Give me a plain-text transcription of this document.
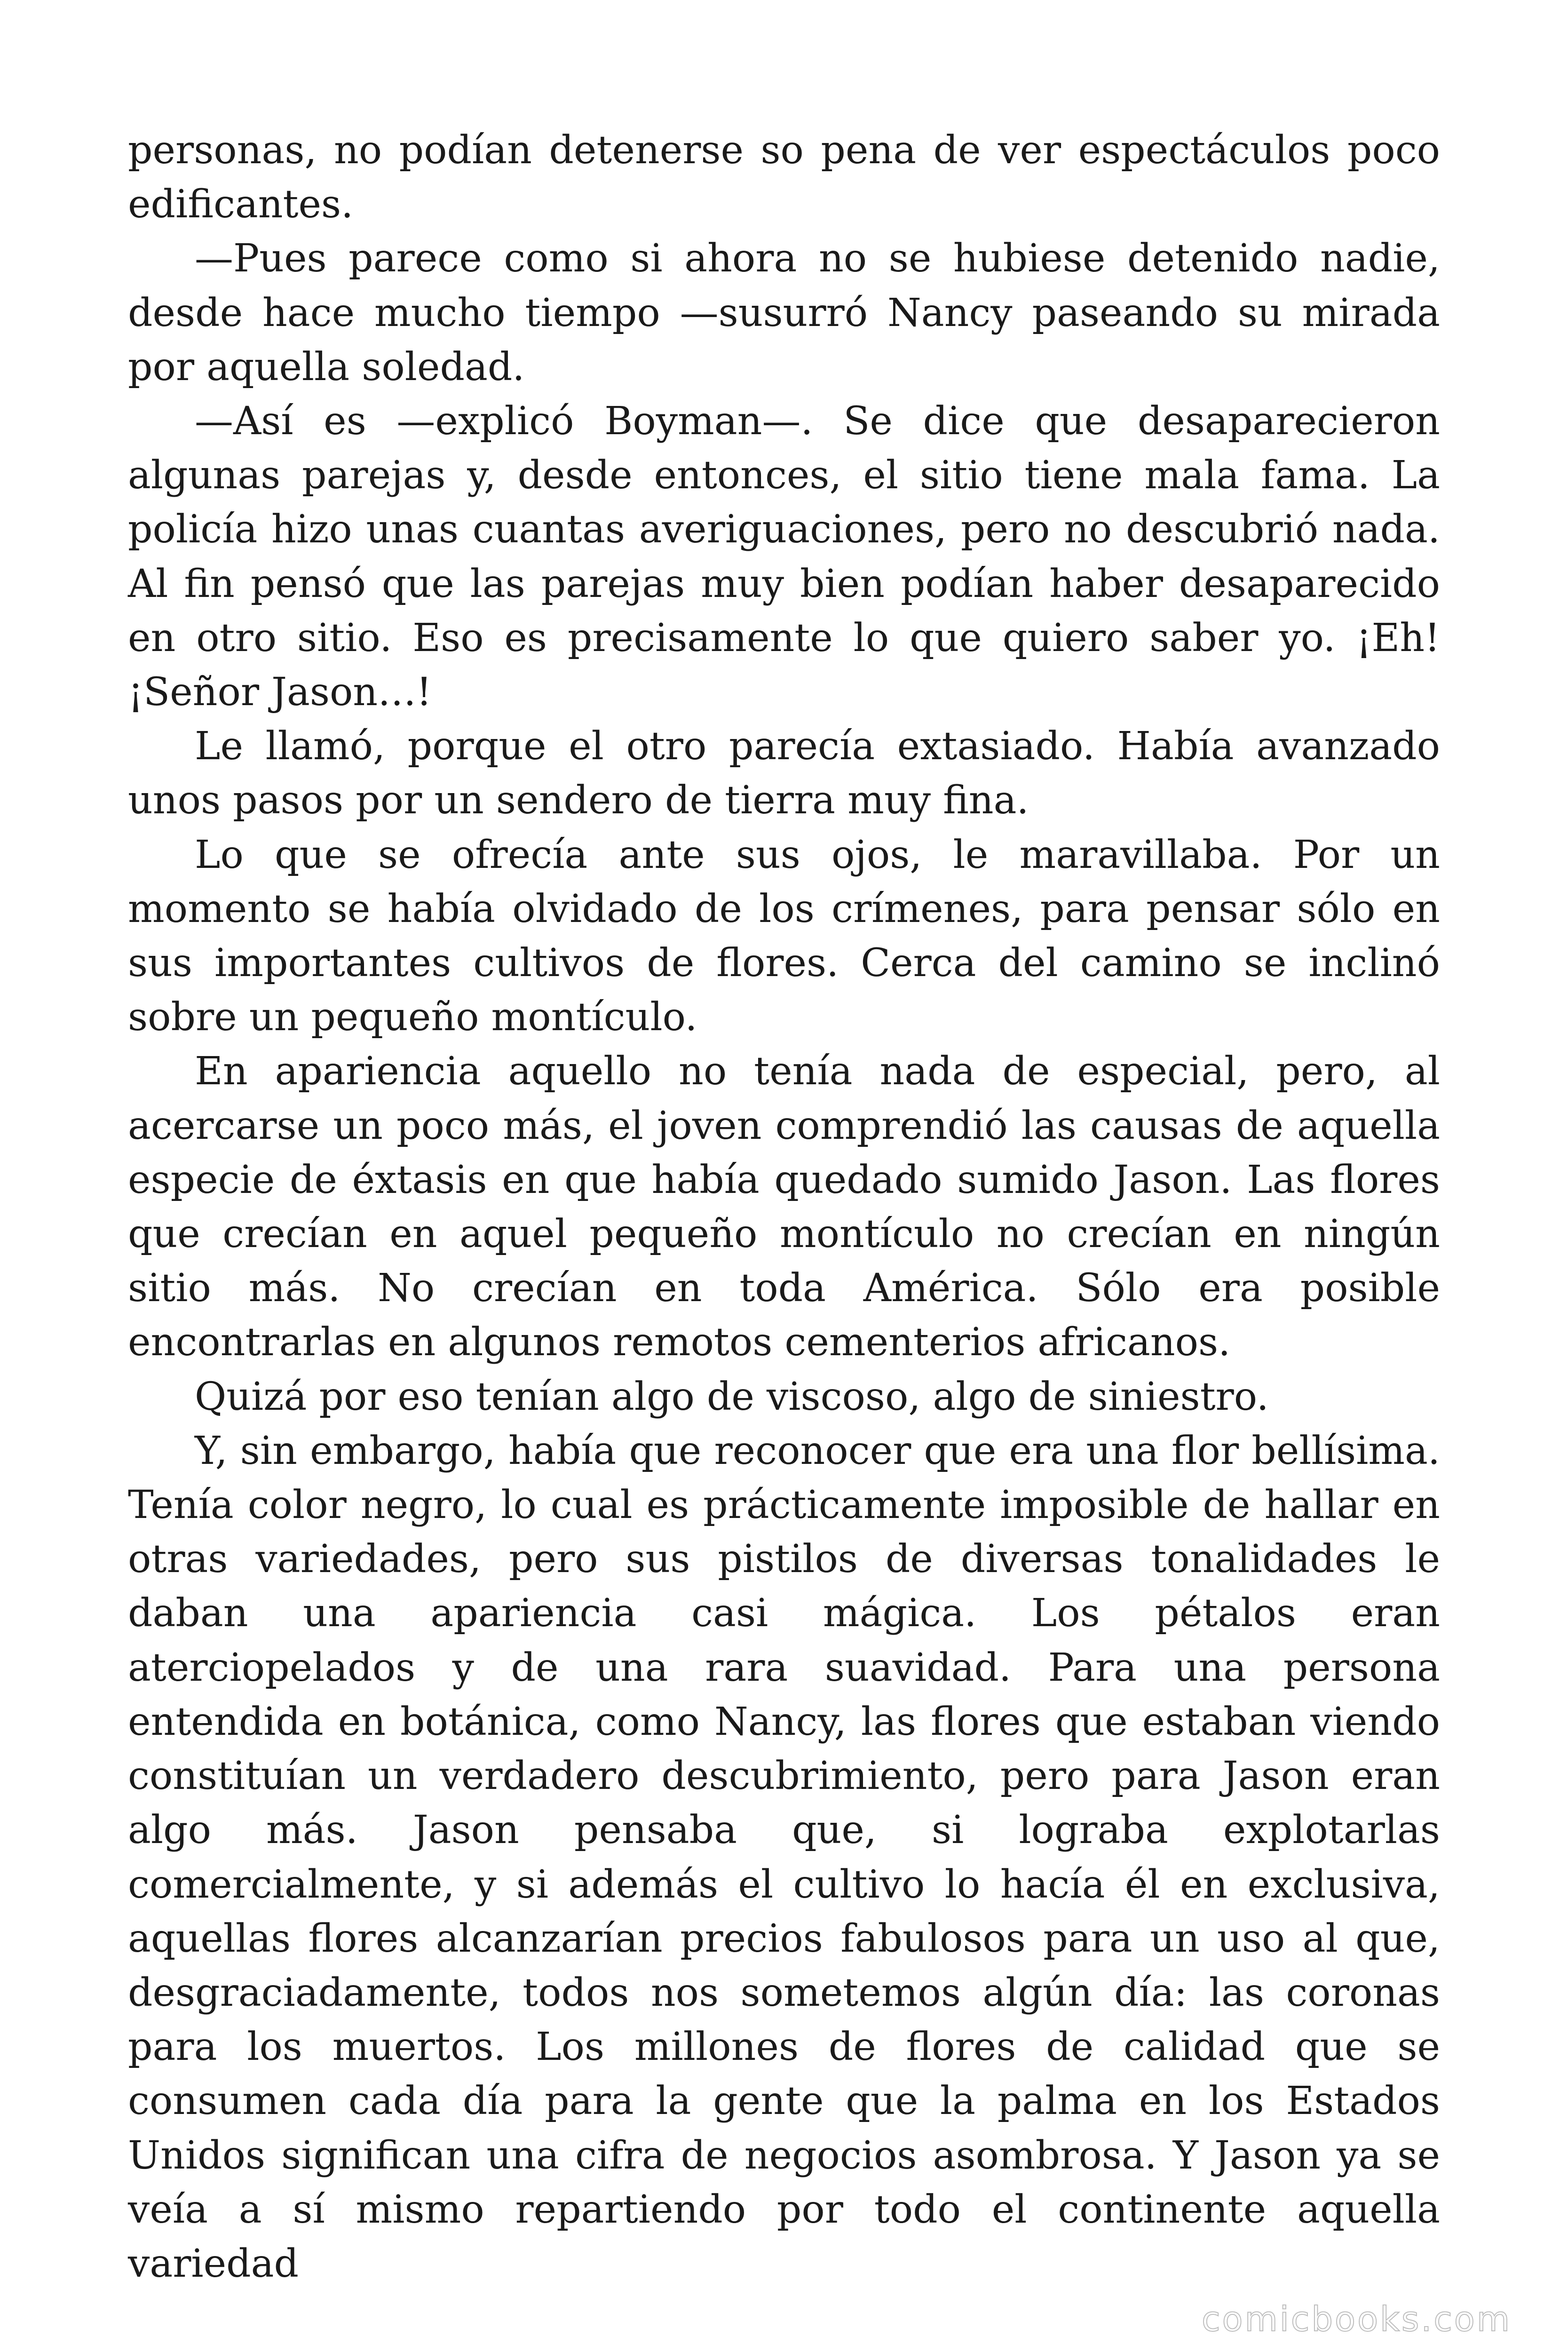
personas, no podían detenerse so pena de ver espectáculos poco edificantes.

—Pues parece como si ahora no se hubiese detenido nadie, desde hace mucho tiempo —susurró Nancy paseando su mirada por aquella soledad.

—Así es —explicó Boyman—. Se dice que desaparecieron algunas parejas y, desde entonces, el sitio tiene mala fama. La policía hizo unas cuantas averiguaciones, pero no descubrió nada. Al fin pensó que las parejas muy bien podían haber desaparecido en otro sitio. Eso es precisamente lo que quiero saber yo. ¡Eh! ¡Señor Jason…!

Le llamó, porque el otro parecía extasiado. Había avanzado unos pasos por un sendero de tierra muy fina.

Lo que se ofrecía ante sus ojos, le maravillaba. Por un momento se había olvidado de los crímenes, para pensar sólo en sus importantes cultivos de flores. Cerca del camino se inclinó sobre un pequeño montículo.

En apariencia aquello no tenía nada de especial, pero, al acercarse un poco más, el joven comprendió las causas de aquella especie de éxtasis en que había quedado sumido Jason. Las flores que crecían en aquel pequeño montículo no crecían en ningún sitio más. No crecían en toda América. Sólo era posible encontrarlas en algunos remotos cementerios africanos.

Quizá por eso tenían algo de viscoso, algo de siniestro.

Y, sin embargo, había que reconocer que era una flor bellísima. Tenía color negro, lo cual es prácticamente imposible de hallar en otras variedades, pero sus pistilos de diversas tonalidades le daban una apariencia casi mágica. Los pétalos eran aterciopelados y de una rara suavidad. Para una persona entendida en botánica, como Nancy, las flores que estaban viendo constituían un verdadero descubrimiento, pero para Jason eran algo más. Jason pensaba que, si lograba explotarlas comercialmente, y si además el cultivo lo hacía él en exclusiva, aquellas flores alcanzarían precios fabulosos para un uso al que, desgraciadamente, todos nos sometemos algún día: las coronas para los muertos. Los millones de flores de calidad que se consumen cada día para la gente que la palma en los Estados Unidos significan una cifra de negocios asombrosa. Y Jason ya se veía a sí mismo repartiendo por todo el continente aquella variedad

comicbooks.com
